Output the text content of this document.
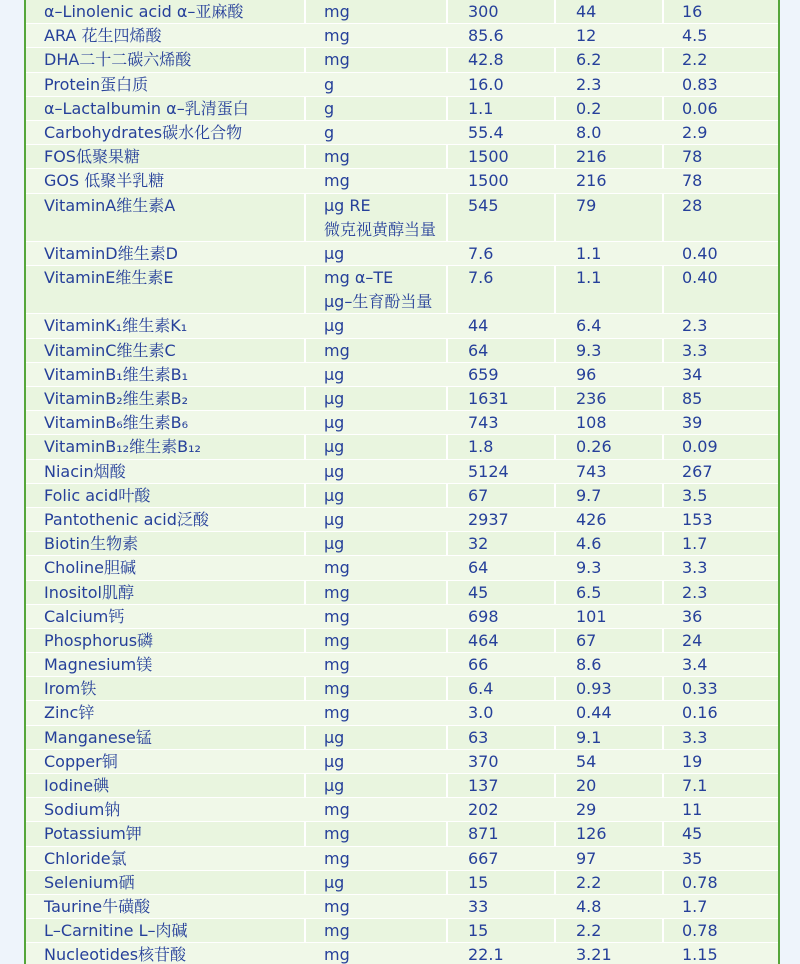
α–Linolenic acid α–亚麻酸	mg	300	44	16
ARA 花生四烯酸	mg	85.6	12	4.5
DHA二十二碳六烯酸	mg	42.8	6.2	2.2
Protein蛋白质	g	16.0	2.3	0.83
α–Lactalbumin α–乳清蛋白	g	1.1	0.2	0.06
Carbohydrates碳水化合物	g	55.4	8.0	2.9
FOS低聚果糖	mg	1500	216	78
GOS 低聚半乳糖	mg	1500	216	78
VitaminA维生素A	μg RE	545	79	28
微克视黄醇当量
VitaminD维生素D	μg	7.6	1.1	0.40
VitaminE维生素E	mg α–TE	7.6	1.1	0.40
μg–生育酚当量
VitaminK₁维生素K₁	μg	44	6.4	2.3
VitaminC维生素C	mg	64	9.3	3.3
VitaminB₁维生素B₁	μg	659	96	34
VitaminB₂维生素B₂	μg	1631	236	85
VitaminB₆维生素B₆	μg	743	108	39
VitaminB₁₂维生素B₁₂	μg	1.8	0.26	0.09
Niacin烟酸	μg	5124	743	267
Folic acid叶酸	μg	67	9.7	3.5
Pantothenic acid泛酸	μg	2937	426	153
Biotin生物素	μg	32	4.6	1.7
Choline胆碱	mg	64	9.3	3.3
Inositol肌醇	mg	45	6.5	2.3
Calcium钙	mg	698	101	36
Phosphorus磷	mg	464	67	24
Magnesium镁	mg	66	8.6	3.4
Irom铁	mg	6.4	0.93	0.33
Zinc锌	mg	3.0	0.44	0.16
Manganese锰	μg	63	9.1	3.3
Copper铜	μg	370	54	19
Iodine碘	μg	137	20	7.1
Sodium钠	mg	202	29	11
Potassium钾	mg	871	126	45
Chloride氯	mg	667	97	35
Selenium硒	μg	15	2.2	0.78
Taurine牛磺酸	mg	33	4.8	1.7
L–Carnitine L–肉碱	mg	15	2.2	0.78
Nucleotides核苷酸	mg	22.1	3.21	1.15
